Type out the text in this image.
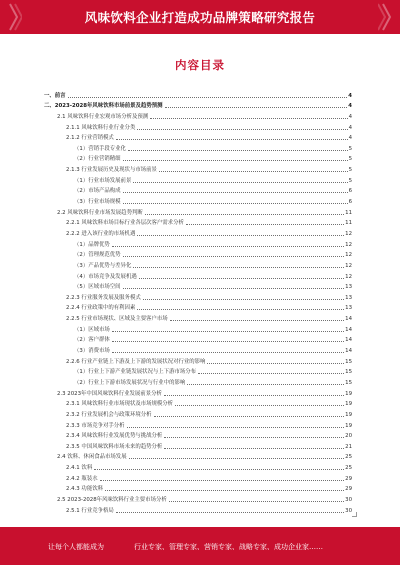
风味饮料企业打造成功品牌策略研究报告
内容目录
一、前言	4
二、2023-2028年风味饮料市场前景及趋势预测	4
2.1 风味饮料行业宏观市场分析及预测	4
2.1.1 风味饮料行业行业分类	4
2.1.2 行业营销模式	4
（1）营销手段专业化	5
（2）行业营销精细	5
2.1.3 行业发展历史及现状与市场前景	5
（1）行业市场发展前景	5
（2）市场产品构成	6
（3）行业市场规模	6
2.2 风味饮料行业市场发展趋势判断	11
2.2.1 风味饮料市场目标行业各层次客户需求分析	11
2.2.2 进入该行业的市场机遇	12
（1）品牌优势	12
（2）管理规范优势	12
（3）产品优势与差异化	12
（4）市场竞争及发展机遇	12
（5）区域市场空间	13
2.2.3 行业服务发展及服务模式	13
2.2.4 行业政策中的有利因素	13
2.2.5 行业市场现状、区域及主要客户市场	14
（1）区域市场	14
（2）客户群体	14
（3）消费市场	14
2.2.6 行业产业链上下游及上下游的发展状况对行业的影响	15
（1）行业上下游产业链发展状况与上下游市场分布	15
（2）行业上下游市场发展状况与行业中的影响	15
2.3 2023年中国风味饮料行业发展前景分析	19
2.3.1 风味饮料行业市场现状及市场规模分析	19
2.3.2 行业发展机会与政策环境分析	19
2.3.3 市场竞争对手分析	19
2.3.4 风味饮料行业发展优势与挑战分析	20
2.3.5 中国风味饮料市场未来的趋势分析	21
2.4 饮料、休闲食品市场发展	25
2.4.1 饮料	25
2.4.2 瓶装水	29
2.4.3 功能饮料	29
2.5 2023-2028年风味饮料行业主要市场分析	30
2.5.1 行业竞争格局	30
让每个人都能成为	行业专家、管理专家、营销专家、战略专家、成功企业家……
